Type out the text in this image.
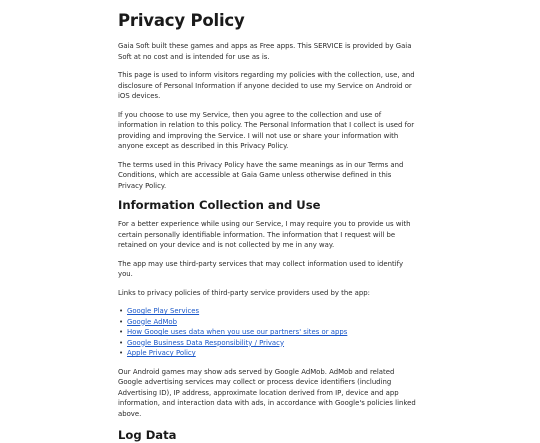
Privacy Policy

Gaia Soft built these games and apps as Free apps. This SERVICE is provided by Gaia Soft at no cost and is intended for use as is.

This page is used to inform visitors regarding my policies with the collection, use, and disclosure of Personal Information if anyone decided to use my Service on Android or iOS devices.

If you choose to use my Service, then you agree to the collection and use of information in relation to this policy. The Personal Information that I collect is used for providing and improving the Service. I will not use or share your information with anyone except as described in this Privacy Policy.

The terms used in this Privacy Policy have the same meanings as in our Terms and Conditions, which are accessible at Gaia Game unless otherwise defined in this Privacy Policy.

Information Collection and Use

For a better experience while using our Service, I may require you to provide us with certain personally identifiable information. The information that I request will be retained on your device and is not collected by me in any way.

The app may use third-party services that may collect information used to identify you.

Links to privacy policies of third-party service providers used by the app:

• Google Play Services
• Google AdMob
• How Google uses data when you use our partners' sites or apps
• Google Business Data Responsibility / Privacy
• Apple Privacy Policy

Our Android games may show ads served by Google AdMob. AdMob and related Google advertising services may collect or process device identifiers (including Advertising ID), IP address, approximate location derived from IP, device and app information, and interaction data with ads, in accordance with Google's policies linked above.

Log Data
